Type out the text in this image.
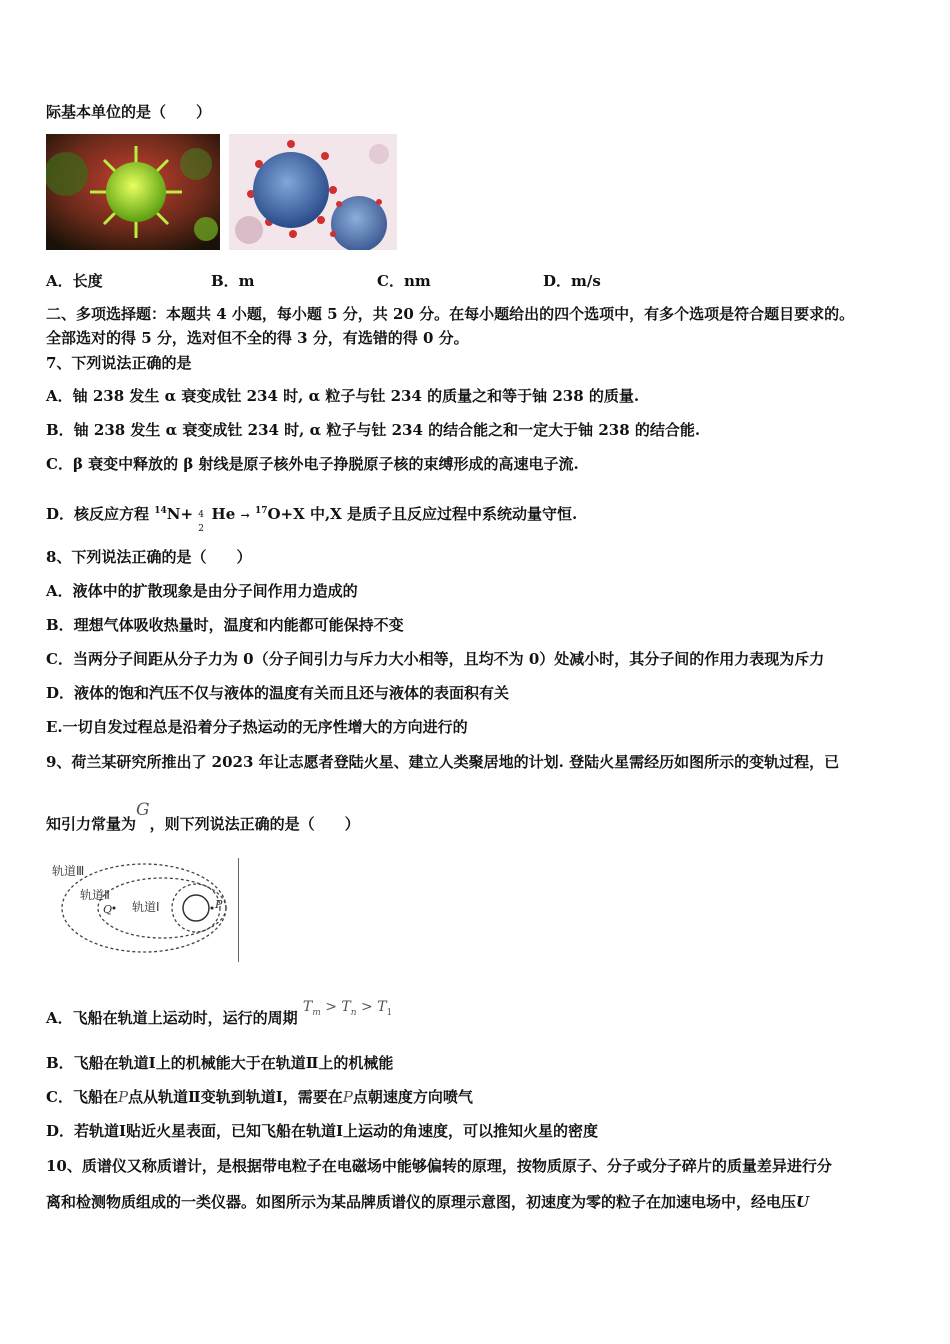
际基本单位的是（　　）
A．长度	B．m	C．nm	D．m/s
二、多项选择题：本题共 4 小题，每小题 5 分，共 20 分。在每小题给出的四个选项中，有多个选项是符合题目要求的。
全部选对的得 5 分，选对但不全的得 3 分，有选错的得 0 分。
7、下列说法正确的是
A．铀 238 发生 α 衰变成钍 234 时, α 粒子与钍 234 的质量之和等于铀 238 的质量.
B．铀 238 发生 α 衰变成钍 234 时, α 粒子与钍 234 的结合能之和一定大于铀 238 的结合能.
C．β 衰变中释放的 β 射线是原子核外电子挣脱原子核的束缚形成的高速电子流.
D．核反应方程 $^{14}$N+ 4
2
He → $^{17}$O+X 中,X 是质子且反应过程中系统动量守恒.
8、下列说法正确的是（　　）
A．液体中的扩散现象是由分子间作用力造成的
B．理想气体吸收热量时，温度和内能都可能保持不变
C．当两分子间距从分子力为 0（分子间引力与斥力大小相等，且均不为 0）处减小时，其分子间的作用力表现为斥力
D．液体的饱和汽压不仅与液体的温度有关而且还与液体的表面积有关
E.一切自发过程总是沿着分子热运动的无序性增大的方向进行的
9、荷兰某研究所推出了 2023 年让志愿者登陆火星、建立人类聚居地的计划. 登陆火星需经历如图所示的变轨过程，已
知引力常量为G，则下列说法正确的是（　　）
轨道Ⅲ
轨道Ⅱ
轨道Ⅰ
Q	P
A．飞船在轨道上运动时，运行的周期 $T_m > T_n > T_1$
B．飞船在轨道Ⅰ上的机械能大于在轨道Ⅱ上的机械能
C．飞船在P点从轨道Ⅱ变轨到轨道Ⅰ，需要在P点朝速度方向喷气
D．若轨道Ⅰ贴近火星表面，已知飞船在轨道Ⅰ上运动的角速度，可以推知火星的密度
10、质谱仪又称质谱计，是根据带电粒子在电磁场中能够偏转的原理，按物质原子、分子或分子碎片的质量差异进行分
离和检测物质组成的一类仪器。如图所示为某品牌质谱仪的原理示意图，初速度为零的粒子在加速电场中，经电压U
